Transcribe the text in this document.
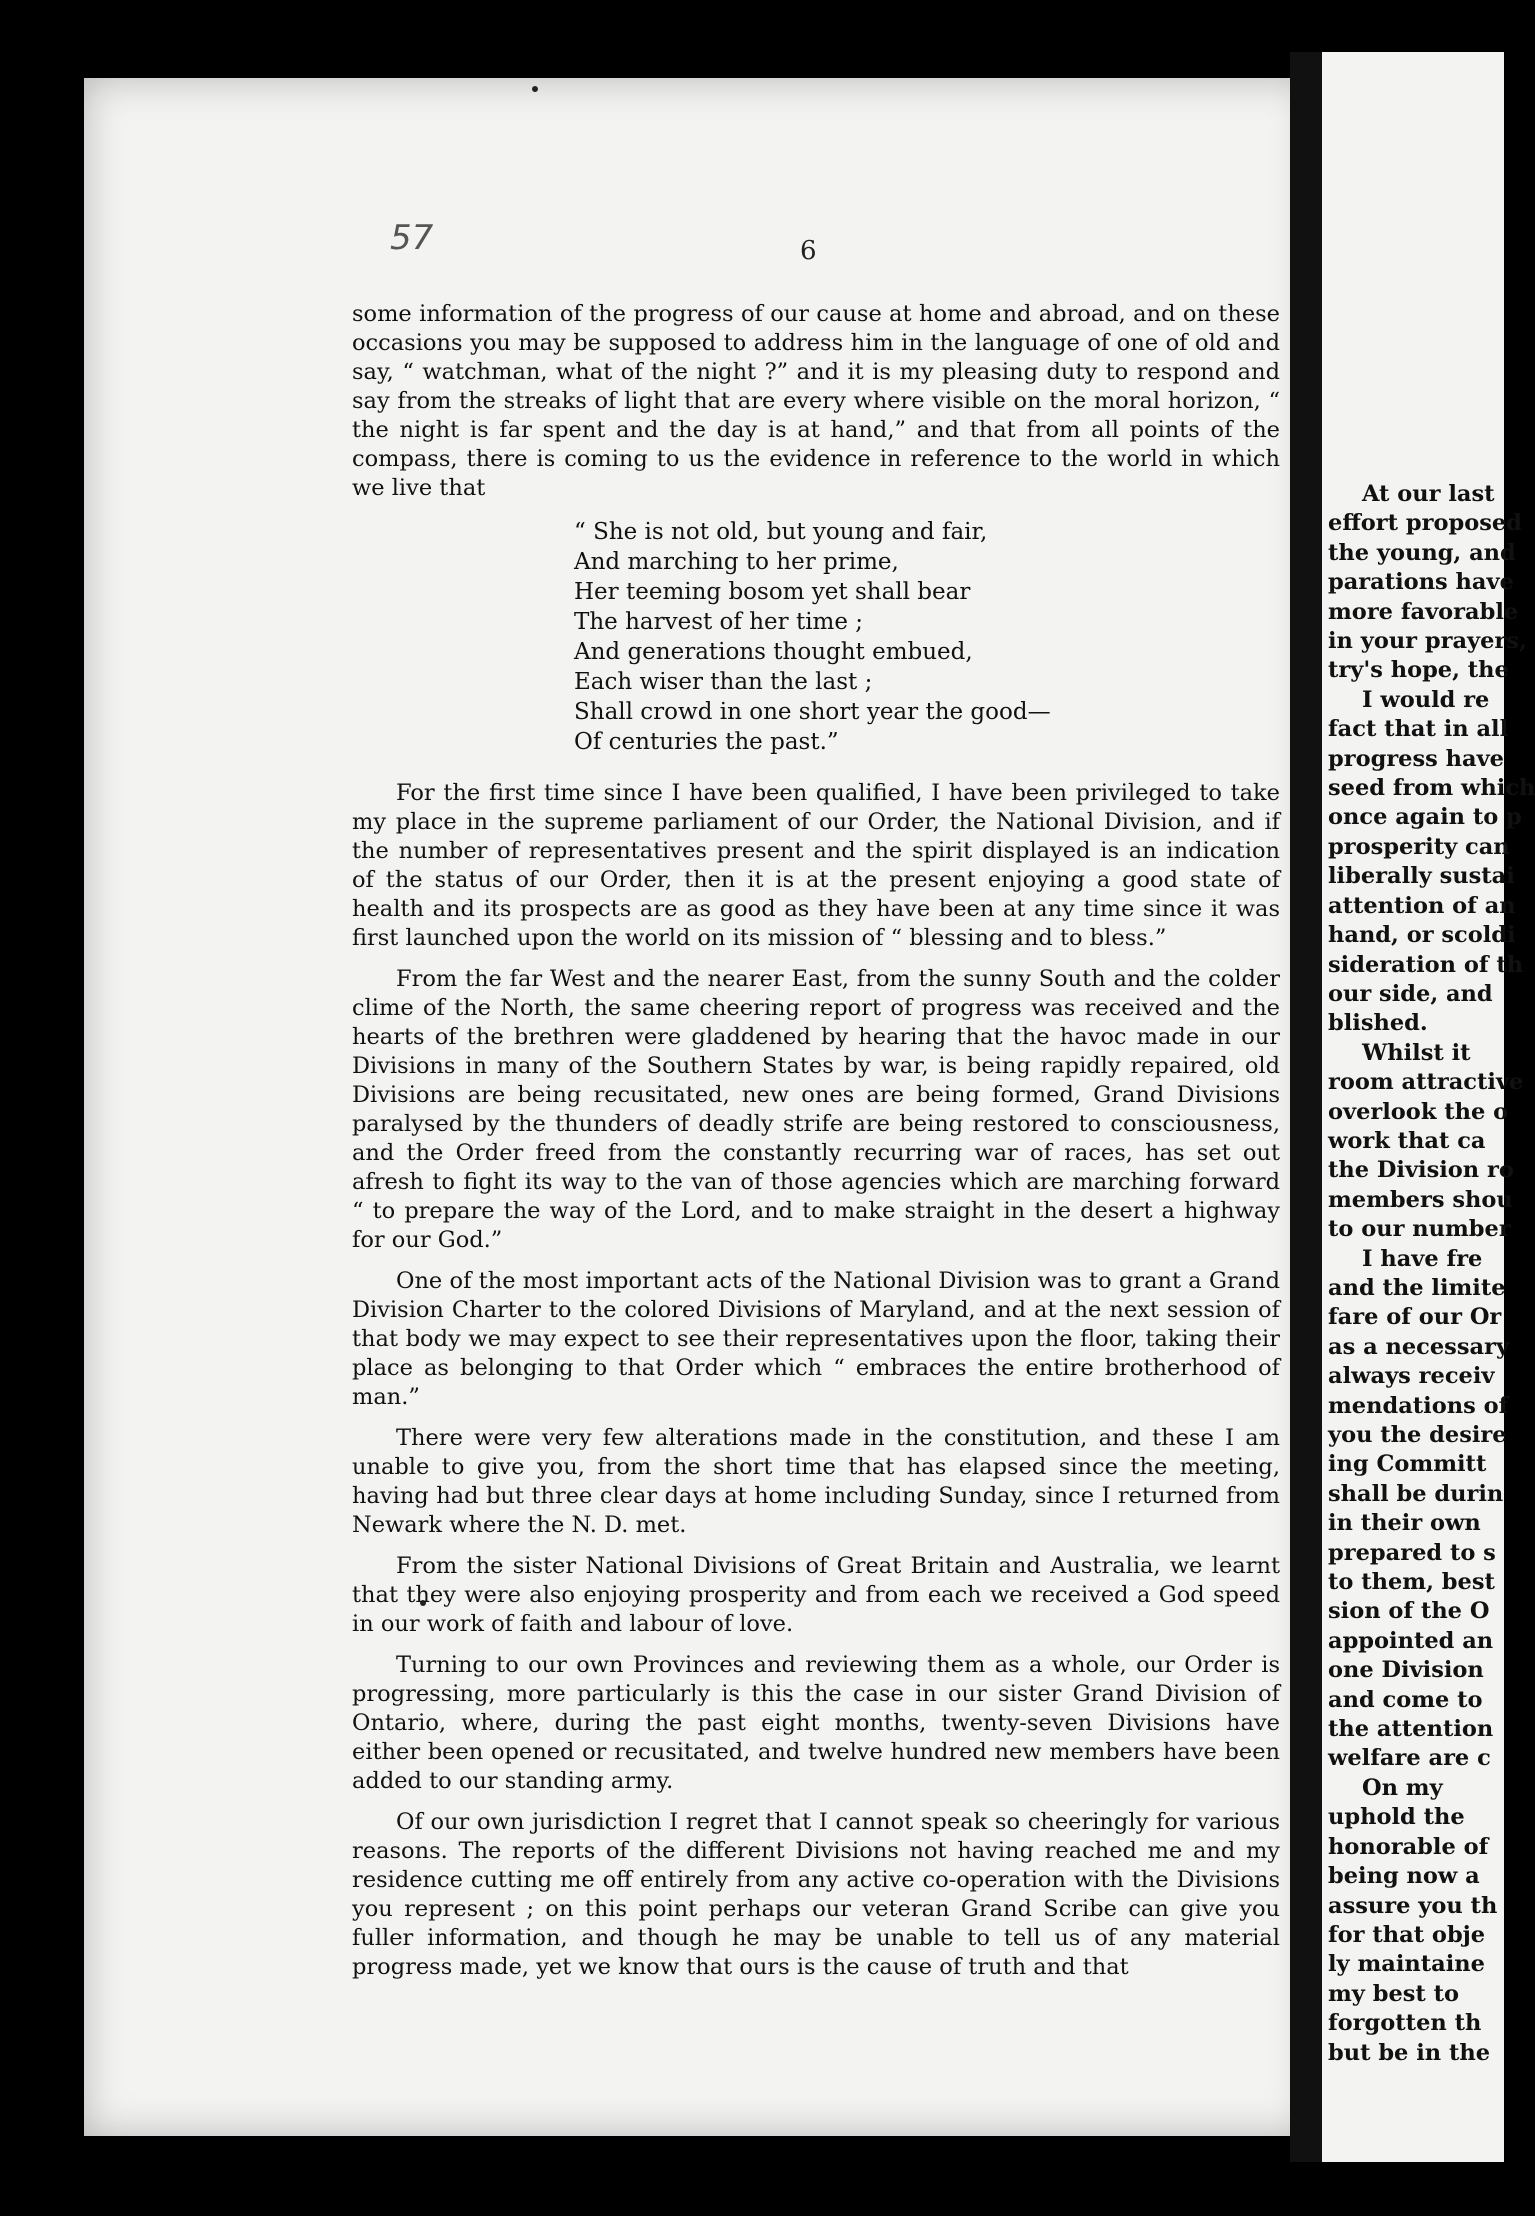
57	6

some information of the progress of our cause at home and abroad, and on these occasions you may be supposed to address him in the language of one of old and say, “ watchman, what of the night ?” and it is my pleasing duty to respond and say from the streaks of light that are every where visible on the moral horizon, “ the night is far spent and the day is at hand,” and that from all points of the compass, there is coming to us the evidence in reference to the world in which we live that

“ She is not old, but young and fair,
And marching to her prime,
Her teeming bosom yet shall bear
The harvest of her time ;
And generations thought embued,
Each wiser than the last ;
Shall crowd in one short year the good—
Of centuries the past.”

For the first time since I have been qualified, I have been privileged to take my place in the supreme parliament of our Order, the National Division, and if the number of representatives present and the spirit displayed is an indication of the status of our Order, then it is at the present enjoying a good state of health and its prospects are as good as they have been at any time since it was first launched upon the world on its mission of “ blessing and to bless.”

From the far West and the nearer East, from the sunny South and the colder clime of the North, the same cheering report of progress was received and the hearts of the brethren were gladdened by hearing that the havoc made in our Divisions in many of the Southern States by war, is being rapidly repaired, old Divisions are being recusitated, new ones are being formed, Grand Divisions paralysed by the thunders of deadly strife are being restored to consciousness, and the Order freed from the constantly recurring war of races, has set out afresh to fight its way to the van of those agencies which are marching forward “ to prepare the way of the Lord, and to make straight in the desert a highway for our God.”

One of the most important acts of the National Division was to grant a Grand Division Charter to the colored Divisions of Maryland, and at the next session of that body we may expect to see their representatives upon the floor, taking their place as belonging to that Order which “ embraces the entire brotherhood of man.”

There were very few alterations made in the constitution, and these I am unable to give you, from the short time that has elapsed since the meeting, having had but three clear days at home including Sunday, since I returned from Newark where the N. D. met.

From the sister National Divisions of Great Britain and Australia, we learnt that they were also enjoying prosperity and from each we received a God speed in our work of faith and labour of love.

Turning to our own Provinces and reviewing them as a whole, our Order is progressing, more particularly is this the case in our sister Grand Division of Ontario, where, during the past eight months, twenty-seven Divisions have either been opened or recusitated, and twelve hundred new members have been added to our standing army.

Of our own jurisdiction I regret that I cannot speak so cheeringly for various reasons. The reports of the different Divisions not having reached me and my residence cutting me off entirely from any active co-operation with the Divisions you represent ; on this point perhaps our veteran Grand Scribe can give you fuller information, and though he may be unable to tell us of any material progress made, yet we know that ours is the cause of truth and that

At our last
effort proposed
the young, and
parations have
more favorable
in your prayers,
try's hope, the
I would re
fact that in all
progress have
seed from which
once again to p
prosperity can
liberally sustai
attention of an
hand, or scoldi
sideration of th
our side, and
blished.
Whilst it
room attractive
overlook the o
work that ca
the Division ro
members shou
to our number
I have fre
and the limite
fare of our Or
as a necessary
always receiv
mendations of
you the desire
ing Committ
shall be durin
in their own
prepared to s
to them, best
sion of the O
appointed an
one Division
and come to
the attention
welfare are c
On my
uphold the
honorable of
being now a
assure you th
for that obje
ly maintaine
my best to
forgotten th
but be in the
